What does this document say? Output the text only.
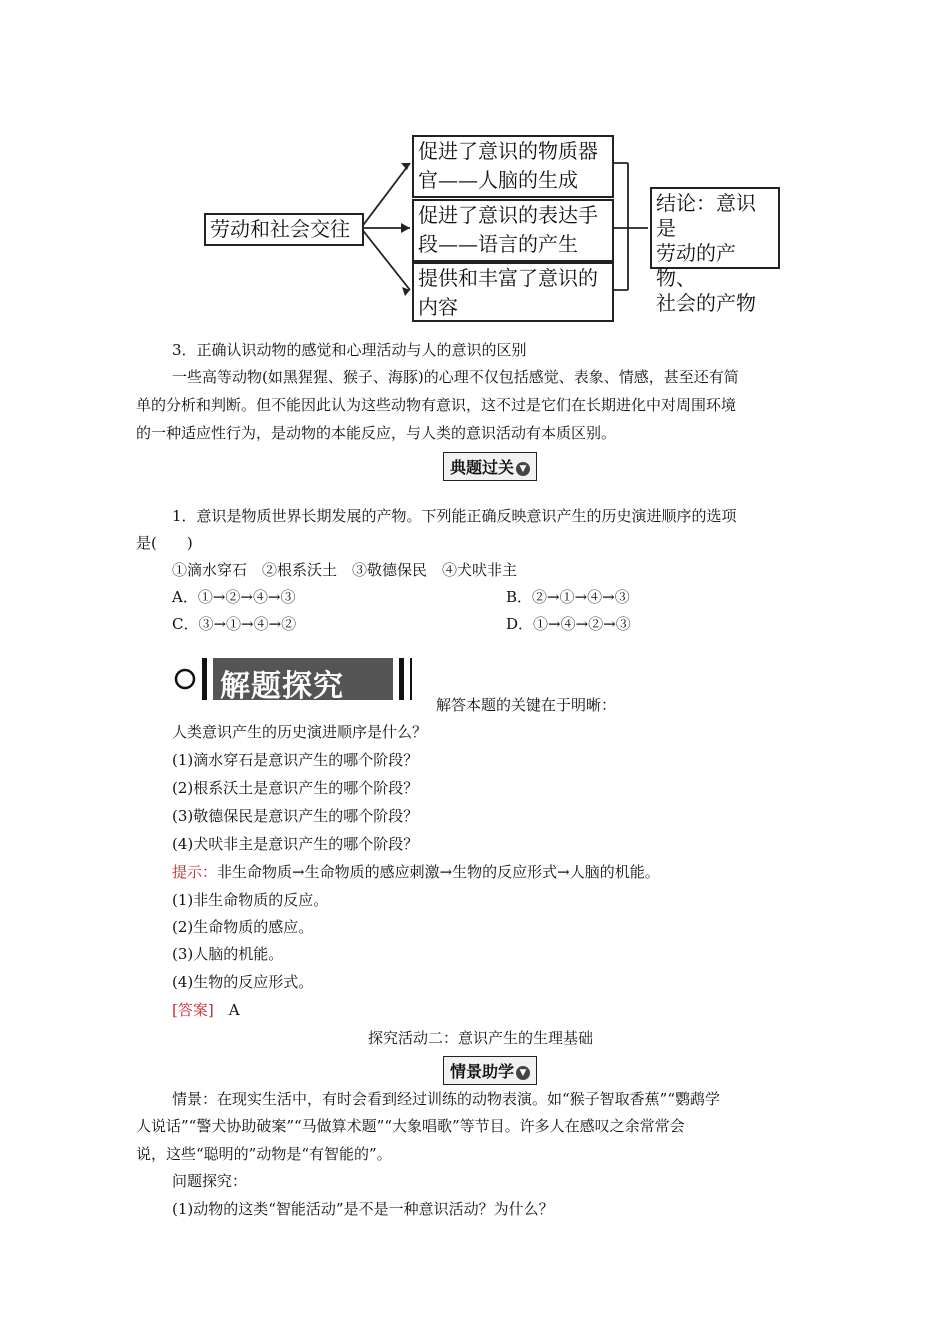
劳动和社会交往
促进了意识的物质器
官——人脑的生成
促进了意识的表达手
段——语言的产生
提供和丰富了意识的
内容
结论：意识是
劳动的产物、
社会的产物
3．正确认识动物的感觉和心理活动与人的意识的区别
一些高等动物(如黑猩猩、猴子、海豚)的心理不仅包括感觉、表象、情感，甚至还有简
单的分析和判断。但不能因此认为这些动物有意识，这不过是它们在长期进化中对周围环境
的一种适应性行为，是动物的本能反应，与人类的意识活动有本质区别。
典题过关 ▼
1．意识是物质世界长期发展的产物。下列能正确反映意识产生的历史演进顺序的选项
是(　　)
①滴水穿石　②根系沃土　③敬德保民　④犬吠非主
A．①→②→④→③	B．②→①→④→③
C．③→①→④→②	D．①→④→②→③
解题探究
解答本题的关键在于明晰：
人类意识产生的历史演进顺序是什么？
(1)滴水穿石是意识产生的哪个阶段？
(2)根系沃土是意识产生的哪个阶段？
(3)敬德保民是意识产生的哪个阶段？
(4)犬吠非主是意识产生的哪个阶段？
提示：非生命物质→生命物质的感应刺激→生物的反应形式→人脑的机能。
(1)非生命物质的反应。
(2)生命物质的感应。
(3)人脑的机能。
(4)生物的反应形式。
[答案]　 A
探究活动二：意识产生的生理基础
情景助学 ▼
情景：在现实生活中，有时会看到经过训练的动物表演。如“猴子智取香蕉”“鹦鹉学
人说话”“警犬协助破案”“马做算术题”“大象唱歌”等节目。许多人在感叹之余常常会
说，这些“聪明的”动物是“有智能的”。
问题探究：
(1)动物的这类“智能活动”是不是一种意识活动？为什么？
